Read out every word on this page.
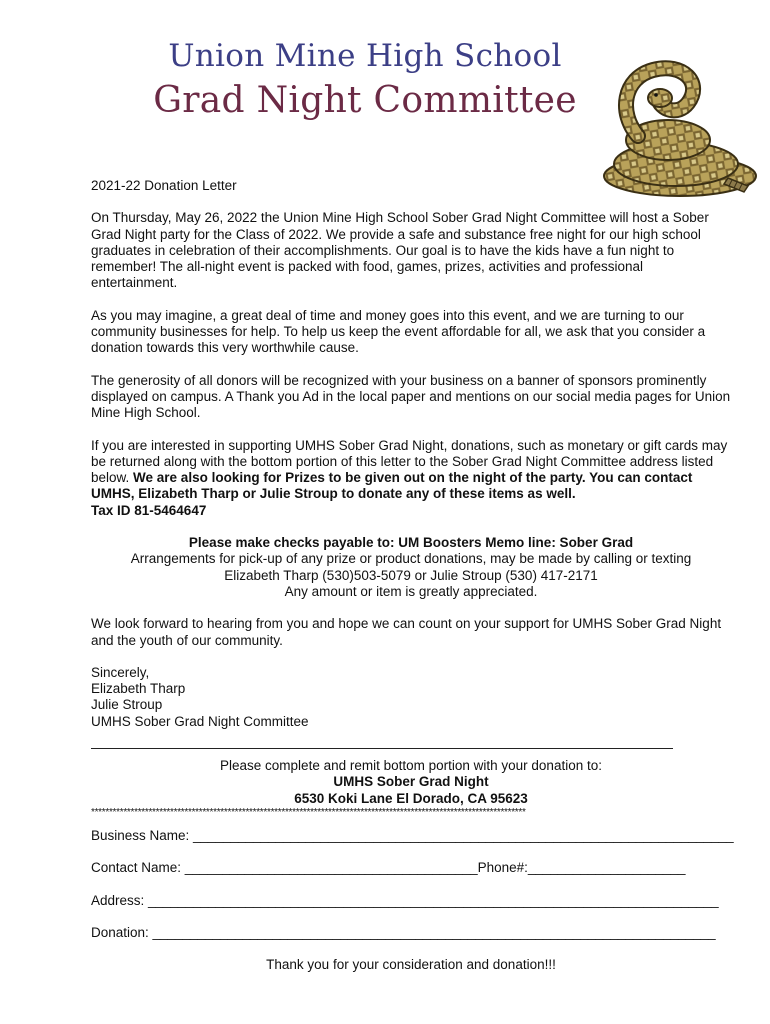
Union Mine High School
Grad Night Committee

2021-22 Donation Letter

On Thursday, May 26, 2022 the Union Mine High School Sober Grad Night Committee will host a Sober Grad Night party for the Class of 2022. We provide a safe and substance free night for our high school graduates in celebration of their accomplishments. Our goal is to have the kids have a fun night to remember! The all-night event is packed with food, games, prizes, activities and professional entertainment.

As you may imagine, a great deal of time and money goes into this event, and we are turning to our community businesses for help. To help us keep the event affordable for all, we ask that you consider a donation towards this very worthwhile cause.

The generosity of all donors will be recognized with your business on a banner of sponsors prominently displayed on campus. A Thank you Ad in the local paper and mentions on our social media pages for Union Mine High School.

If you are interested in supporting UMHS Sober Grad Night, donations, such as monetary or gift cards may be returned along with the bottom portion of this letter to the Sober Grad Night Committee address listed below. We are also looking for Prizes to be given out on the night of the party. You can contact UMHS, Elizabeth Tharp or Julie Stroup to donate any of these items as well.

Tax ID 81-5464647

Please make checks payable to: UM Boosters Memo line: Sober Grad

Arrangements for pick-up of any prize or product donations, may be made by calling or texting

Elizabeth Tharp (530)503-5079 or Julie Stroup (530) 417-2171

Any amount or item is greatly appreciated.

We look forward to hearing from you and hope we can count on your support for UMHS Sober Grad Night and the youth of our community.

Sincerely,

Elizabeth Tharp

Julie Stroup

UMHS Sober Grad Night Committee

Please complete and remit bottom portion with your donation to:

UMHS Sober Grad Night

6530 Koki Lane El Dorado, CA 95623

*************************************************************************************************************************

Business Name: ________________________________________________________________________

Contact Name: _______________________________________Phone#:_____________________

Address: ____________________________________________________________________________

Donation: ___________________________________________________________________________

Thank you for your consideration and donation!!!
